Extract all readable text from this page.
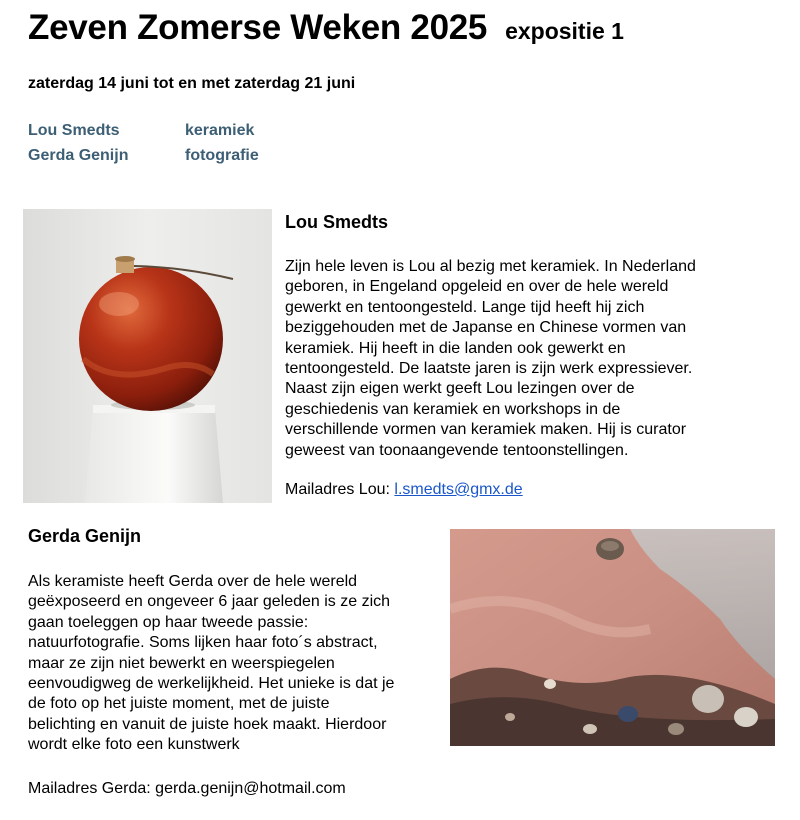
Zeven Zomerse Weken 2025 expositie 1
zaterdag 14 juni tot en met zaterdag 21 juni
Lou Smedts	keramiek
Gerda Genijn	fotografie
Lou Smedts
Zijn hele leven is Lou al bezig met keramiek. In Nederland
geboren, in Engeland opgeleid en over de hele wereld
gewerkt en tentoongesteld. Lange tijd heeft hij zich
beziggehouden met de Japanse en Chinese vormen van
keramiek. Hij heeft in die landen ook gewerkt en
tentoongesteld. De laatste jaren is zijn werk expressiever.
Naast zijn eigen werkt geeft Lou lezingen over de
geschiedenis van keramiek en workshops in de
verschillende vormen van keramiek maken. Hij is curator
geweest van toonaangevende tentoonstellingen.
Mailadres Lou: l.smedts@gmx.de
Gerda Genijn
Als keramiste heeft Gerda over de hele wereld
geëxposeerd en ongeveer 6 jaar geleden is ze zich
gaan toeleggen op haar tweede passie:
natuurfotografie. Soms lijken haar foto´s abstract,
maar ze zijn niet bewerkt en weerspiegelen
eenvoudigweg de werkelijkheid. Het unieke is dat je
de foto op het juiste moment, met de juiste
belichting en vanuit de juiste hoek maakt. Hierdoor
wordt elke foto een kunstwerk
Mailadres Gerda: gerda.genijn@hotmail.com
